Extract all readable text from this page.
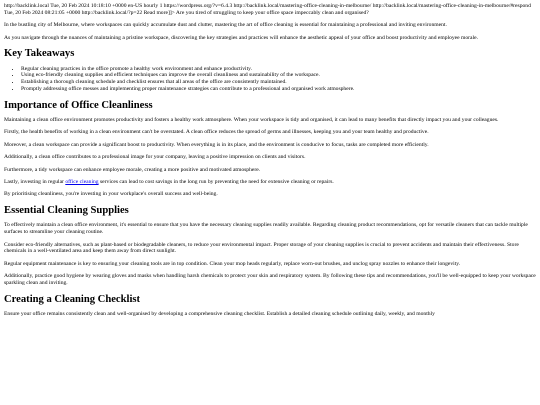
http://backlink.local Tue, 20 Feb 2024 10:18:10 +0000 en-US hourly 1 https://wordpress.org/?v=6.4.3 http://backlink.local/mastering-office-cleaning-in-melbourne/ http://backlink.local/mastering-office-cleaning-in-melbourne/#respond Tue, 20 Feb 2024 08:21:05 +0000 http://backlink.local/?p=22 Read more]]> Are you tired of struggling to keep your office space impeccably clean and organised?

In the bustling city of Melbourne, where workspaces can quickly accumulate dust and clutter, mastering the art of office cleaning is essential for maintaining a professional and inviting environment.

As you navigate through the nuances of maintaining a pristine workspace, discovering the key strategies and practices will enhance the aesthetic appeal of your office and boost productivity and employee morale.

Key Takeaways
• Regular cleaning practices in the office promote a healthy work environment and enhance productivity.
• Using eco-friendly cleaning supplies and efficient techniques can improve the overall cleanliness and sustainability of the workspace.
• Establishing a thorough cleaning schedule and checklist ensures that all areas of the office are consistently maintained.
• Promptly addressing office messes and implementing proper maintenance strategies can contribute to a professional and organised work atmosphere.
Importance of Office Cleanliness

Maintaining a clean office environment promotes productivity and fosters a healthy work atmosphere. When your workspace is tidy and organised, it can lead to many benefits that directly impact you and your colleagues.

Firstly, the health benefits of working in a clean environment can't be overstated. A clean office reduces the spread of germs and illnesses, keeping you and your team healthy and productive.

Moreover, a clean workspace can provide a significant boost to productivity. When everything is in its place, and the environment is conducive to focus, tasks are completed more efficiently.

Additionally, a clean office contributes to a professional image for your company, leaving a positive impression on clients and visitors.

Furthermore, a tidy workspace can enhance employee morale, creating a more positive and motivated atmosphere.

Lastly, investing in regular office cleaning services can lead to cost savings in the long run by preventing the need for extensive cleaning or repairs.

By prioritising cleanliness, you're investing in your workplace's overall success and well-being.

Essential Cleaning Supplies

To effectively maintain a clean office environment, it's essential to ensure that you have the necessary cleaning supplies readily available. Regarding cleaning product recommendations, opt for versatile cleaners that can tackle multiple surfaces to streamline your cleaning routine.

Consider eco-friendly alternatives, such as plant-based or biodegradable cleaners, to reduce your environmental impact. Proper storage of your cleaning supplies is crucial to prevent accidents and maintain their effectiveness. Store chemicals in a well-ventilated area and keep them away from direct sunlight.

Regular equipment maintenance is key to ensuring your cleaning tools are in top condition. Clean your mop heads regularly, replace worn-out brushes, and unclog spray nozzles to enhance their longevity.

Additionally, practice good hygiene by wearing gloves and masks when handling harsh chemicals to protect your skin and respiratory system. By following these tips and recommendations, you'll be well-equipped to keep your workspace sparkling clean and inviting.

Creating a Cleaning Checklist

Ensure your office remains consistently clean and well-organised by developing a comprehensive cleaning checklist. Establish a detailed cleaning schedule outlining daily, weekly, and monthly
